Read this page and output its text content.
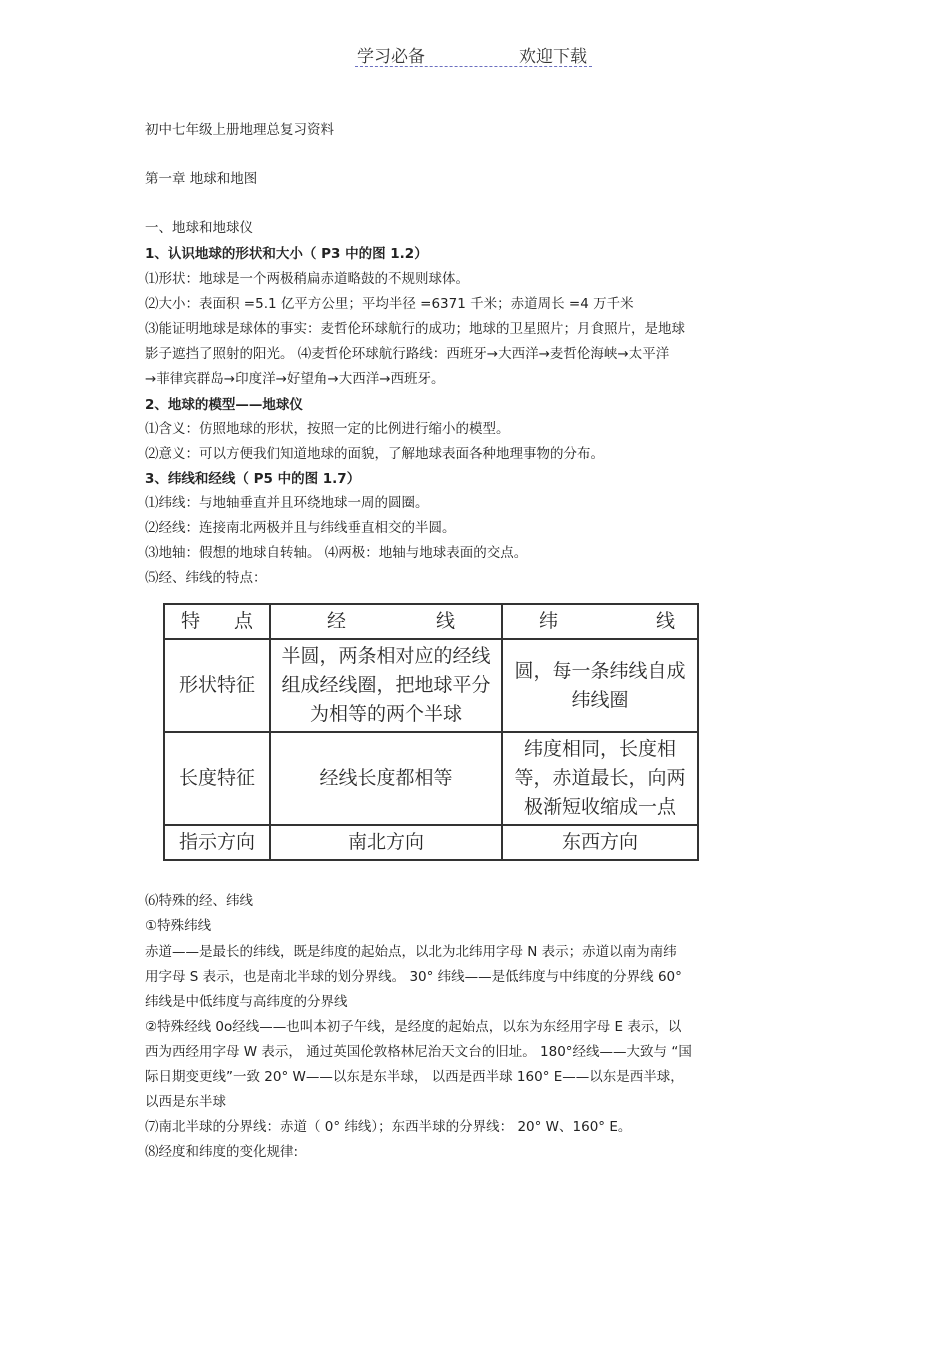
学习必备	欢迎下载
初中七年级上册地理总复习资料
第一章 地球和地图
一、地球和地球仪
1、认识地球的形状和大小（ P3 中的图 1.2）
⑴形状：地球是一个两极稍扁赤道略鼓的不规则球体。
⑵大小：表面积 =5.1 亿平方公里；平均半径 =6371 千米；赤道周长 =4 万千米
⑶能证明地球是球体的事实：麦哲伦环球航行的成功；地球的卫星照片；月食照片，是地球
影子遮挡了照射的阳光。 ⑷麦哲伦环球航行路线：西班牙→大西洋→麦哲伦海峡→太平洋
→菲律宾群岛→印度洋→好望角→大西洋→西班牙。
2、地球的模型——地球仪
⑴含义：仿照地球的形状，按照一定的比例进行缩小的模型。
⑵意义：可以方便我们知道地球的面貌，了解地球表面各种地理事物的分布。
3、纬线和经线（ P5 中的图 1.7）
⑴纬线：与地轴垂直并且环绕地球一周的圆圈。
⑵经线：连接南北两极并且与纬线垂直相交的半圆。
⑶地轴：假想的地球自转轴。 ⑷两极：地轴与地球表面的交点。
⑸经、纬线的特点：
特 点	经 线	纬 线

形状特征	半圆，两条相对应的经线组成经线圈，把地球平分为相等的两个半球	圆，每一条纬线自成纬线圈
长度特征	经线长度都相等	纬度相同，长度相等，赤道最长，向两极渐短收缩成一点
指示方向	南北方向	东西方向
⑹特殊的经、纬线
①特殊纬线
赤道——是最长的纬线，既是纬度的起始点，以北为北纬用字母 N 表示；赤道以南为南纬
用字母 S 表示，也是南北半球的划分界线。 30° 纬线——是低纬度与中纬度的分界线 60°
纬线是中低纬度与高纬度的分界线
②特殊经线 0o经线——也叫本初子午线，是经度的起始点，以东为东经用字母 E 表示，以
西为西经用字母 W 表示， 通过英国伦敦格林尼治天文台的旧址。 180°经线——大致与 “国
际日期变更线”一致 20° W——以东是东半球， 以西是西半球 160° E——以东是西半球，
以西是东半球
⑺南北半球的分界线：赤道（ 0° 纬线）；东西半球的分界线： 20° W、160° E。
⑻经度和纬度的变化规律:
